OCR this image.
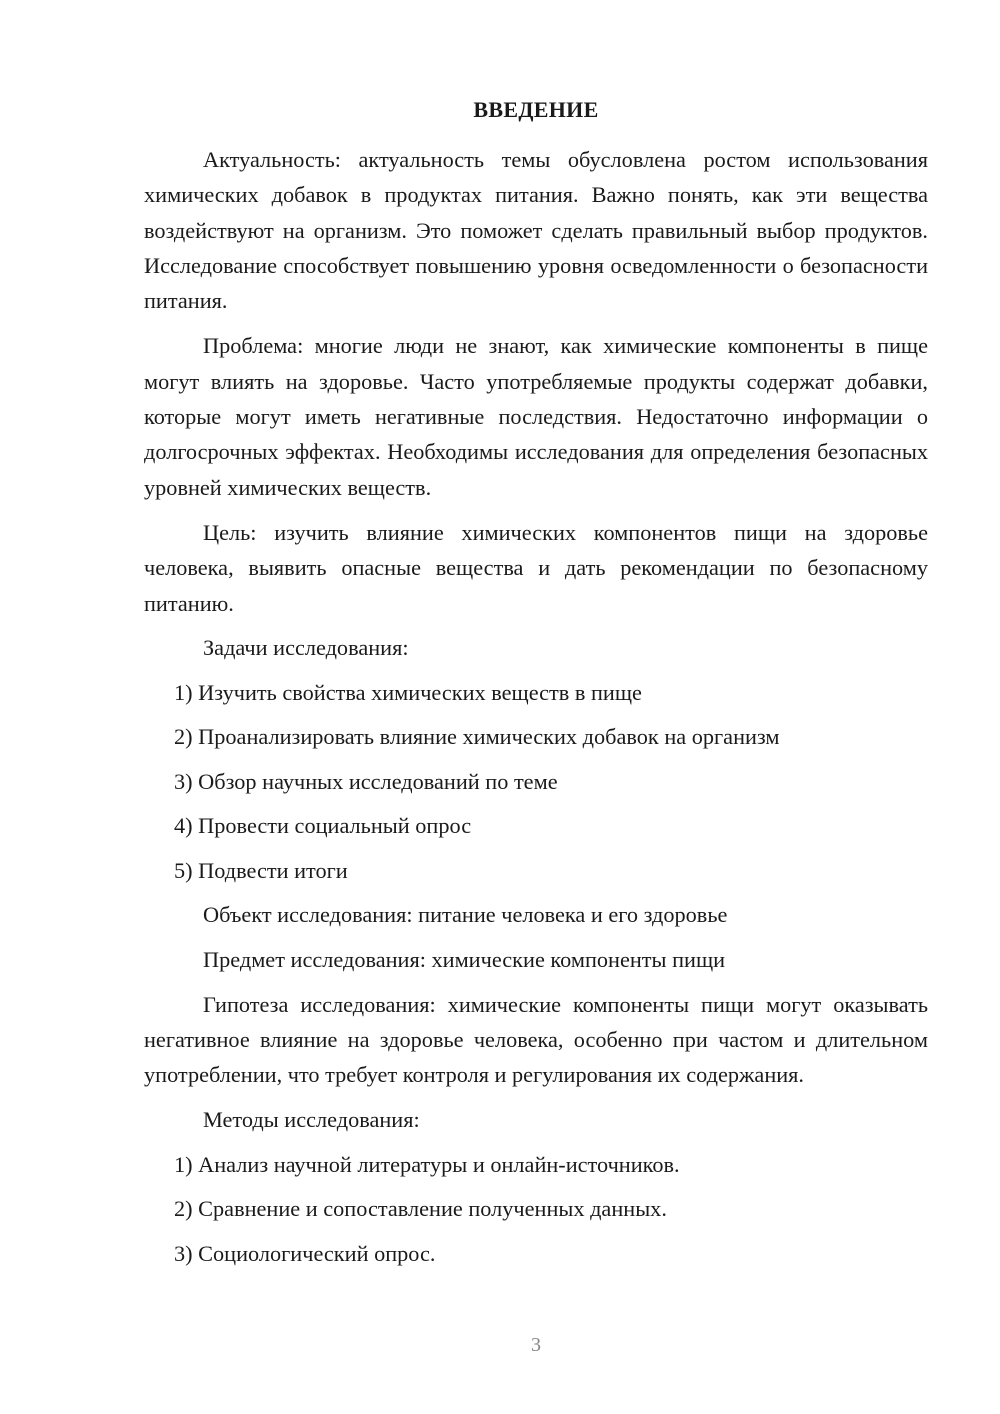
ВВЕДЕНИЕ

Актуальность: актуальность темы обусловлена ростом использования химических добавок в продуктах питания. Важно понять, как эти вещества воздействуют на организм. Это поможет сделать правильный выбор продуктов. Исследование способствует повышению уровня осведомленности о безопасности питания.

Проблема: многие люди не знают, как химические компоненты в пище могут влиять на здоровье. Часто употребляемые продукты содержат добавки, которые могут иметь негативные последствия. Недостаточно информации о долгосрочных эффектах. Необходимы исследования для определения безопасных уровней химических веществ.

Цель: изучить влияние химических компонентов пищи на здоровье человека, выявить опасные вещества и дать рекомендации по безопасному питанию.

Задачи исследования:

1) Изучить свойства химических веществ в пище
2) Проанализировать влияние химических добавок на организм
3) Обзор научных исследований по теме
4) Провести социальный опрос
5) Подвести итоги

Объект исследования: питание человека и его здоровье

Предмет исследования: химические компоненты пищи

Гипотеза исследования: химические компоненты пищи могут оказывать негативное влияние на здоровье человека, особенно при частом и длительном употреблении, что требует контроля и регулирования их содержания.

Методы исследования:

1) Анализ научной литературы и онлайн-источников.
2) Сравнение и сопоставление полученных данных.
3) Социологический опрос.
3
